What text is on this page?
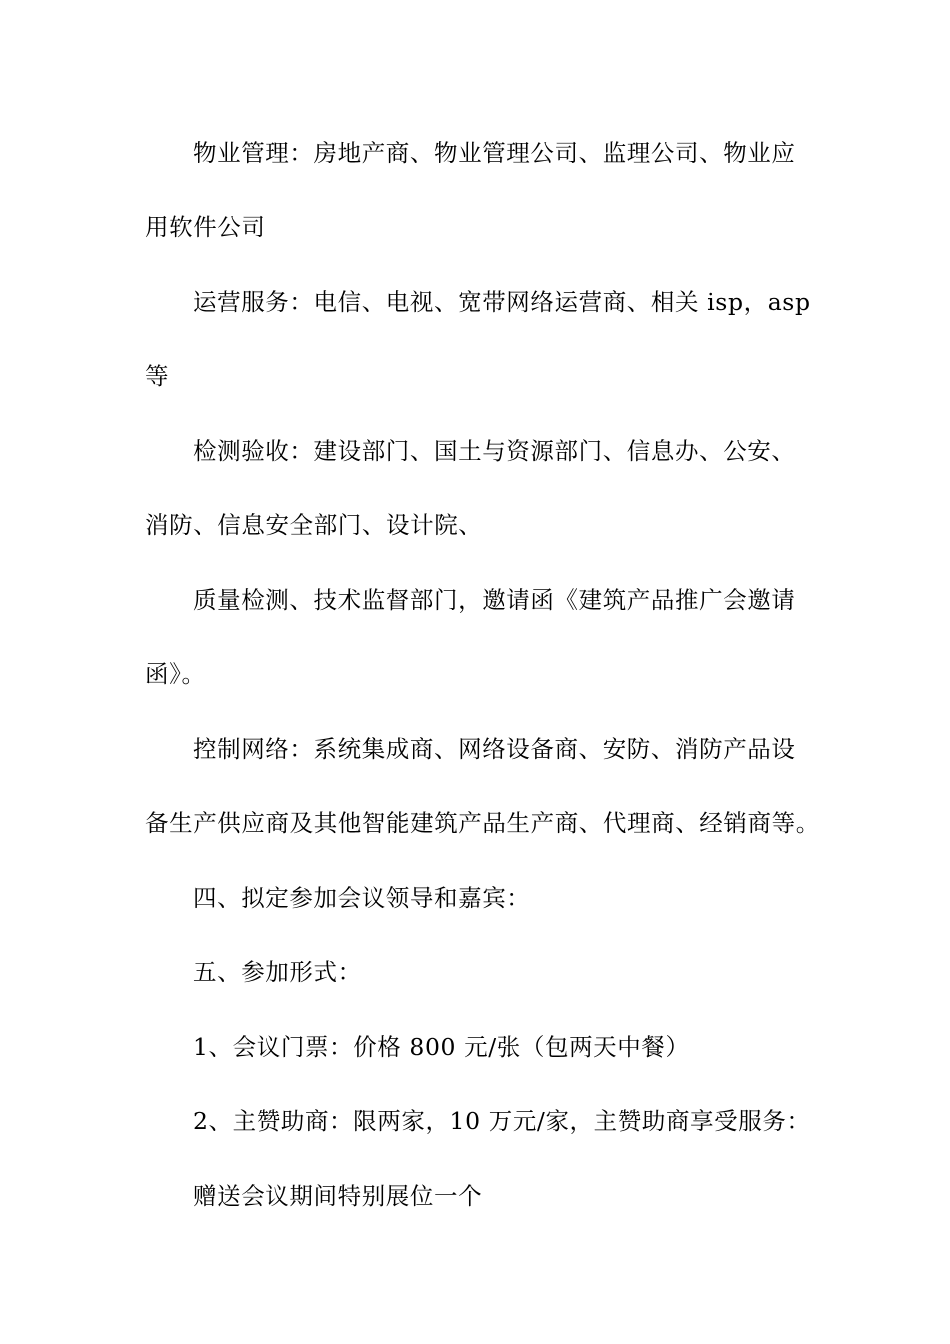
物业管理：房地产商、物业管理公司、监理公司、物业应
用软件公司
运营服务：电信、电视、宽带网络运营商、相关 isp，asp
等
检测验收：建设部门、国土与资源部门、信息办、公安、
消防、信息安全部门、设计院、
质量检测、技术监督部门，邀请函《建筑产品推广会邀请
函》。
控制网络：系统集成商、网络设备商、安防、消防产品设
备生产供应商及其他智能建筑产品生产商、代理商、经销商等。
四、拟定参加会议领导和嘉宾：
五、参加形式：
1、会议门票：价格 800 元/张（包两天中餐）
2、主赞助商：限两家，10 万元/家，主赞助商享受服务：
赠送会议期间特别展位一个
